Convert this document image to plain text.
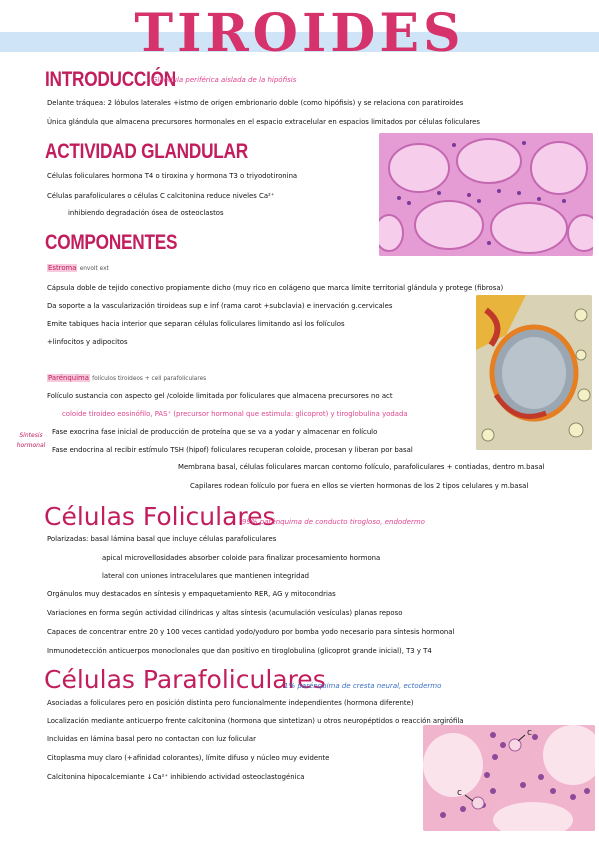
TIROIDES
INTRODUCCIÓN
Glándula periférica aislada de la hipófisis
Delante tráquea: 2 lóbulos laterales +istmo de origen embrionario doble (como hipófisis) y se relaciona con paratiroides
Única glándula que almacena precursores hormonales en el espacio extracelular en espacios limitados por células foliculares
ACTIVIDAD GLANDULAR
Células foliculares hormona T4 o tiroxina y hormona T3 o triyodotironina
Células parafoliculares o células C calcitonina reduce niveles Ca²⁺
inhibiendo degradación ósea de osteoclastos
COMPONENTES
Estroma envolt ext
Cápsula doble de tejido conectivo propiamente dicho (muy rico en colágeno que marca límite territorial glándula y protege (fibrosa)
Da soporte a la vascularización tiroideas sup e inf (rama carot +subclavia) e inervación g.cervicales
Emite tabiques hacia interior que separan células foliculares limitando así los folículos
+linfocitos y adipocitos
Parénquima folículos tiroideos + cell parafoliculares
Folículo sustancia con aspecto gel /coloide limitada por foliculares que almacena precursores no act
coloide tiroideo eosinófilo, PAS⁺ (precursor hormonal que estimula: glicoprot) y tiroglobulina yodada
Síntesis hormonal
Fase exocrina fase inicial de producción de proteína que se va a yodar y almacenar en folículo
Fase endocrina al recibir estímulo TSH (hipof) foliculares recuperan coloide, procesan y liberan por basal
Membrana basal, células foliculares marcan contorno folículo, parafoliculares + contiadas, dentro m.basal
Capilares rodean folículo por fuera en ellos se vierten hormonas de los 2 tipos celulares y m.basal
Células Foliculares
99% parénquima de conducto tirogloso, endodermo
Polarizadas: basal lámina basal que incluye células parafoliculares
apical microvellosidades absorber coloide para finalizar procesamiento hormona
lateral con uniones intracelulares que mantienen integridad
Orgánulos muy destacados en síntesis y empaquetamiento RER, AG y mitocondrias
Variaciones en forma según actividad cilíndricas y altas síntesis (acumulación vesículas) planas reposo
Capaces de concentrar entre 20 y 100 veces cantidad yodo/yoduro por bomba yodo necesario para síntesis hormonal
Inmunodetección anticuerpos monoclonales que dan positivo en tiroglobulina (glicoprot grande inicial), T3 y T4
Células Parafoliculares
1% parénquima de cresta neural, ectodermo
Asociadas a foliculares pero en posición distinta pero funcionalmente independientes (hormona diferente)
Localización mediante anticuerpo frente calcitonina (hormona que sintetizan) u otros neuropéptidos o reacción argirófila
Incluidas en lámina basal pero no contactan con luz folicular
Citoplasma muy claro (+afinidad colorantes), límite difuso y núcleo muy evidente
Calcitonina hipocalcemiante ↓Ca²⁺ inhibiendo actividad osteoclastogénica
c
c
